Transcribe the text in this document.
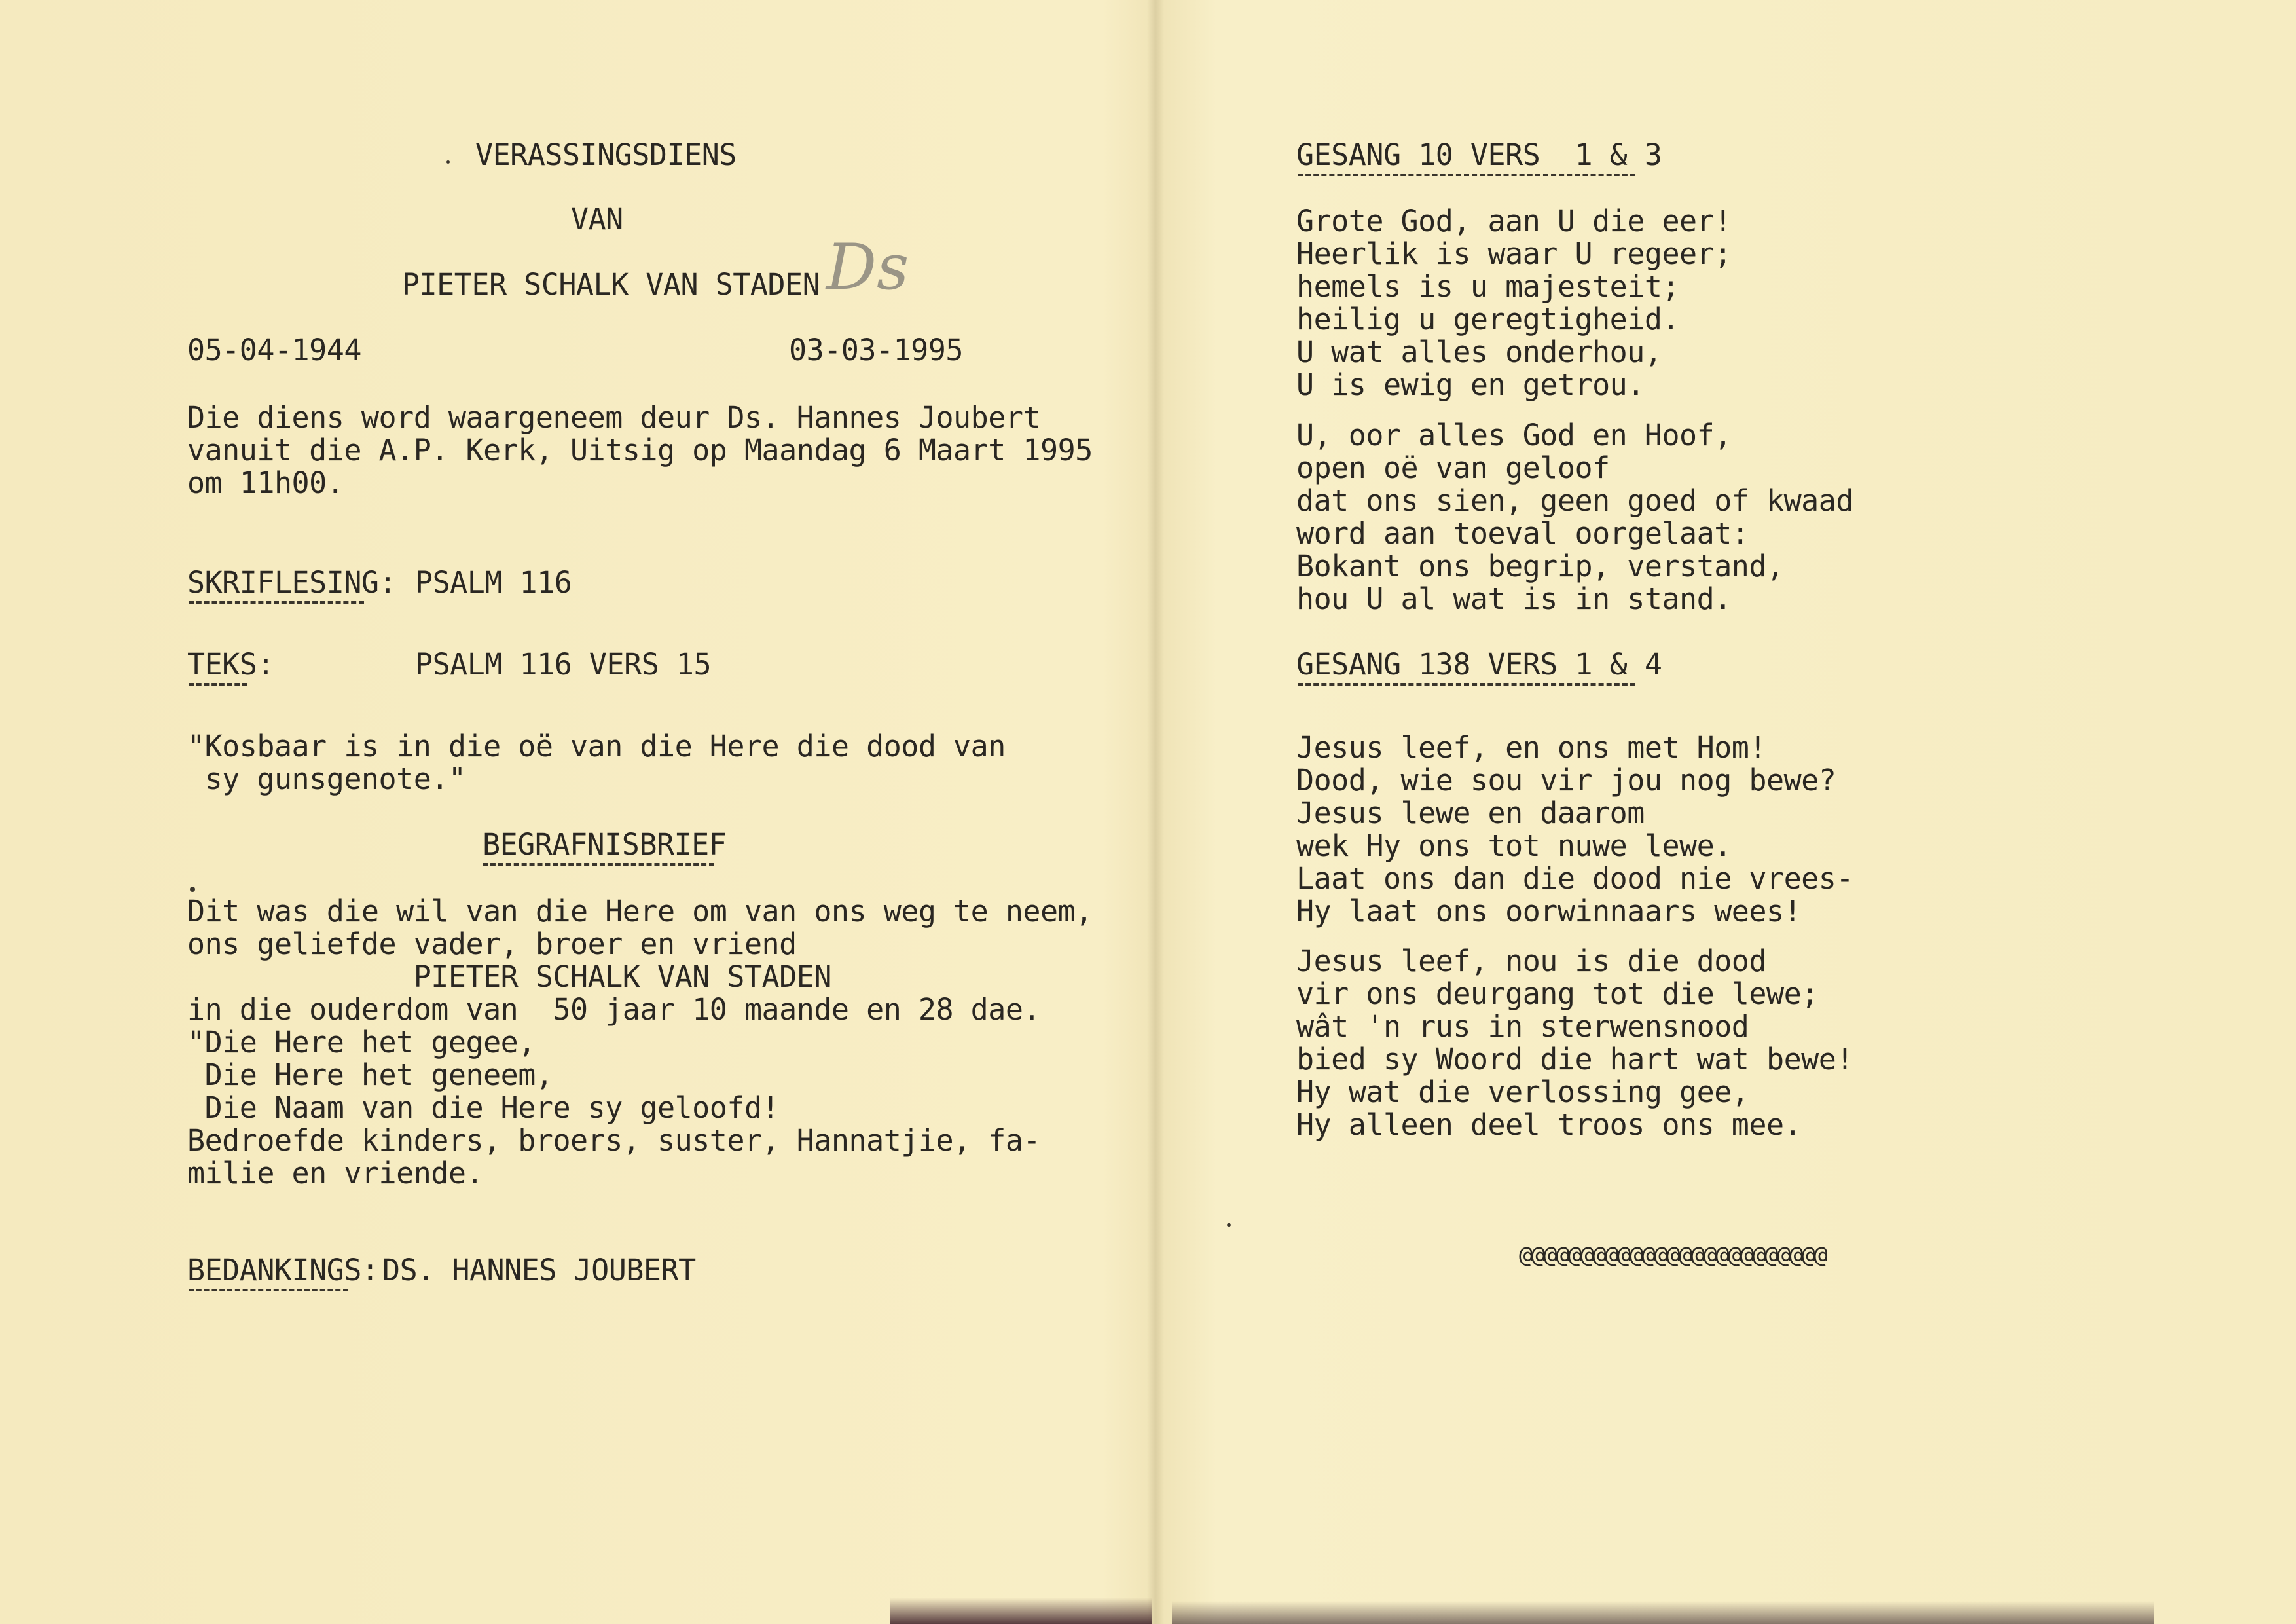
VERASSINGSDIENS
VAN
PIETER SCHALK VAN STADEN Ds
05-04-1944	03-03-1995
Die diens word waargeneem deur Ds. Hannes Joubert
vanuit die A.P. Kerk, Uitsig op Maandag 6 Maart 1995
om 11h00.
SKRIFLESING: PSALM 116
TEKS:	PSALM 116 VERS 15
"Kosbaar is in die oë van die Here die dood van
sy gunsgenote."
BEGRAFNISBRIEF
Dit was die wil van die Here om van ons weg te neem,
ons geliefde vader, broer en vriend
PIETER SCHALK VAN STADEN
in die ouderdom van  50 jaar 10 maande en 28 dae.
"Die Here het gegee,
Die Here het geneem,
Die Naam van die Here sy geloofd!
Bedroefde kinders, broers, suster, Hannatjie, fa-
milie en vriende.
BEDANKINGS: DS. HANNES JOUBERT
GESANG 10 VERS  1 & 3
Grote God, aan U die eer!
Heerlik is waar U regeer;
hemels is u majesteit;
heilig u geregtigheid.
U wat alles onderhou,
U is ewig en getrou.
U, oor alles God en Hoof,
open oë van geloof
dat ons sien, geen goed of kwaad
word aan toeval oorgelaat:
Bokant ons begrip, verstand,
hou U al wat is in stand.
GESANG 138 VERS 1 & 4
Jesus leef, en ons met Hom!
Dood, wie sou vir jou nog bewe?
Jesus lewe en daarom
wek Hy ons tot nuwe lewe.
Laat ons dan die dood nie vrees-
Hy laat ons oorwinnaars wees!
Jesus leef, nou is die dood
vir ons deurgang tot die lewe;
wât 'n rus in sterwensnood
bied sy Woord die hart wat bewe!
Hy wat die verlossing gee,
Hy alleen deel troos ons mee.
@@@@@@@@@@@@@@@@@@@@@@@@@
